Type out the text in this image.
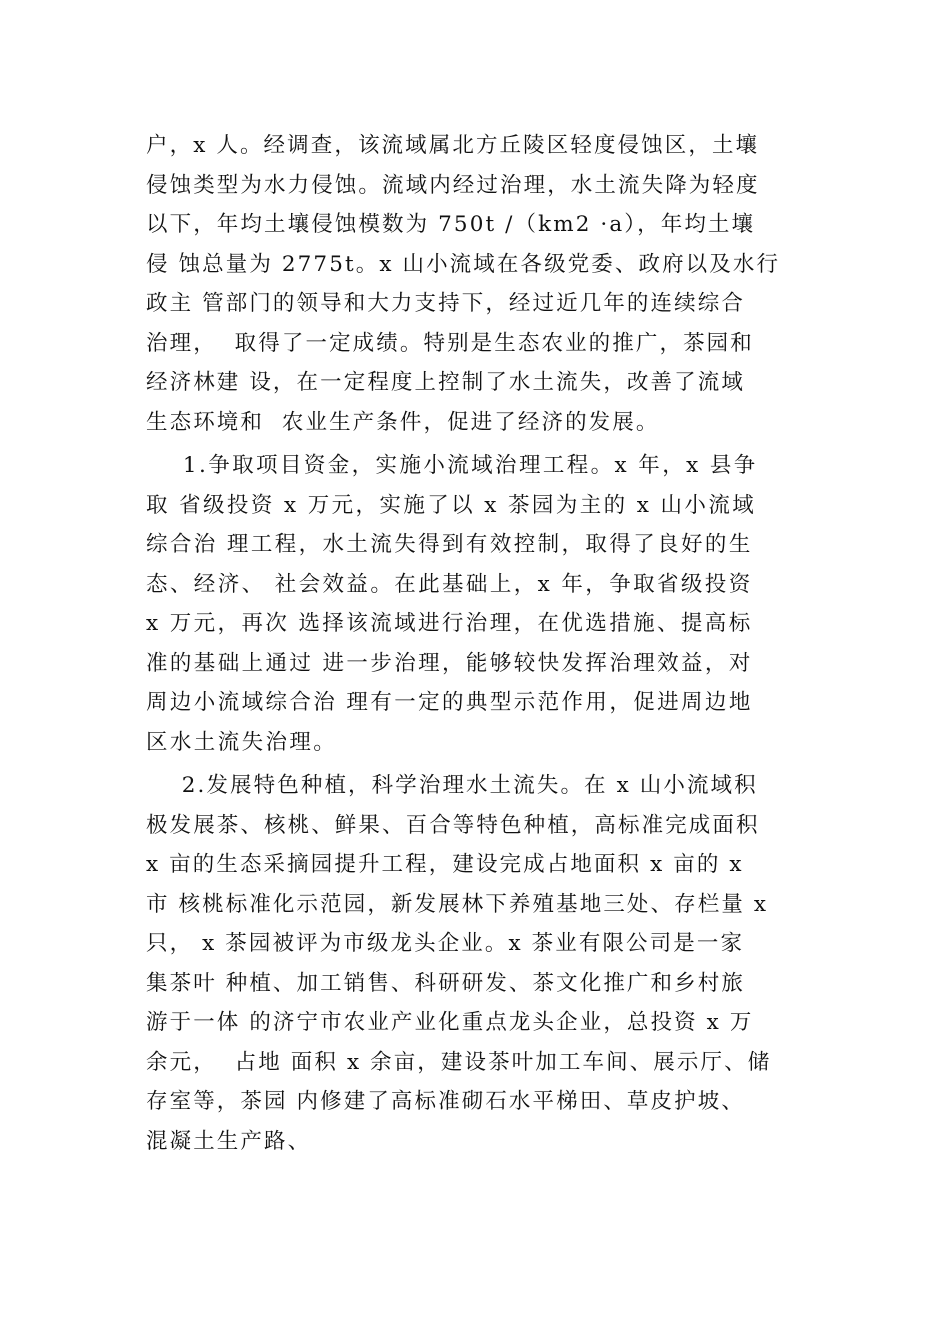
户，x 人。经调查，该流域属北方丘陵区轻度侵蚀区，土壤
侵蚀类型为水力侵蚀。流域内经过治理，水土流失降为轻度
以下，年均土壤侵蚀模数为 750t /（km2 ·a），年均土壤
侵 蚀总量为 2775t。x 山小流域在各级党委、政府以及水行
政主 管部门的领导和大力支持下，经过近几年的连续综合
治理，  取得了一定成绩。特别是生态农业的推广，茶园和
经济林建 设，在一定程度上控制了水土流失，改善了流域
生态环境和  农业生产条件，促进了经济的发展。
1.争取项目资金，实施小流域治理工程。x 年，x 县争
取 省级投资 x 万元，实施了以 x 茶园为主的 x 山小流域
综合治 理工程，水土流失得到有效控制，取得了良好的生
态、经济、 社会效益。在此基础上，x 年，争取省级投资
x 万元，再次 选择该流域进行治理，在优选措施、提高标
准的基础上通过 进一步治理，能够较快发挥治理效益，对
周边小流域综合治 理有一定的典型示范作用，促进周边地
区水土流失治理。
2.发展特色种植，科学治理水土流失。在 x 山小流域积
极发展茶、核桃、鲜果、百合等特色种植，高标准完成面积
x 亩的生态采摘园提升工程，建设完成占地面积 x 亩的 x
市 核桃标准化示范园，新发展林下养殖基地三处、存栏量 x
只， x 茶园被评为市级龙头企业。x 茶业有限公司是一家
集茶叶 种植、加工销售、科研研发、茶文化推广和乡村旅
游于一体 的济宁市农业产业化重点龙头企业，总投资 x 万
余元，  占地 面积 x 余亩，建设茶叶加工车间、展示厅、储
存室等，茶园 内修建了高标准砌石水平梯田、草皮护坡、
混凝土生产路、
